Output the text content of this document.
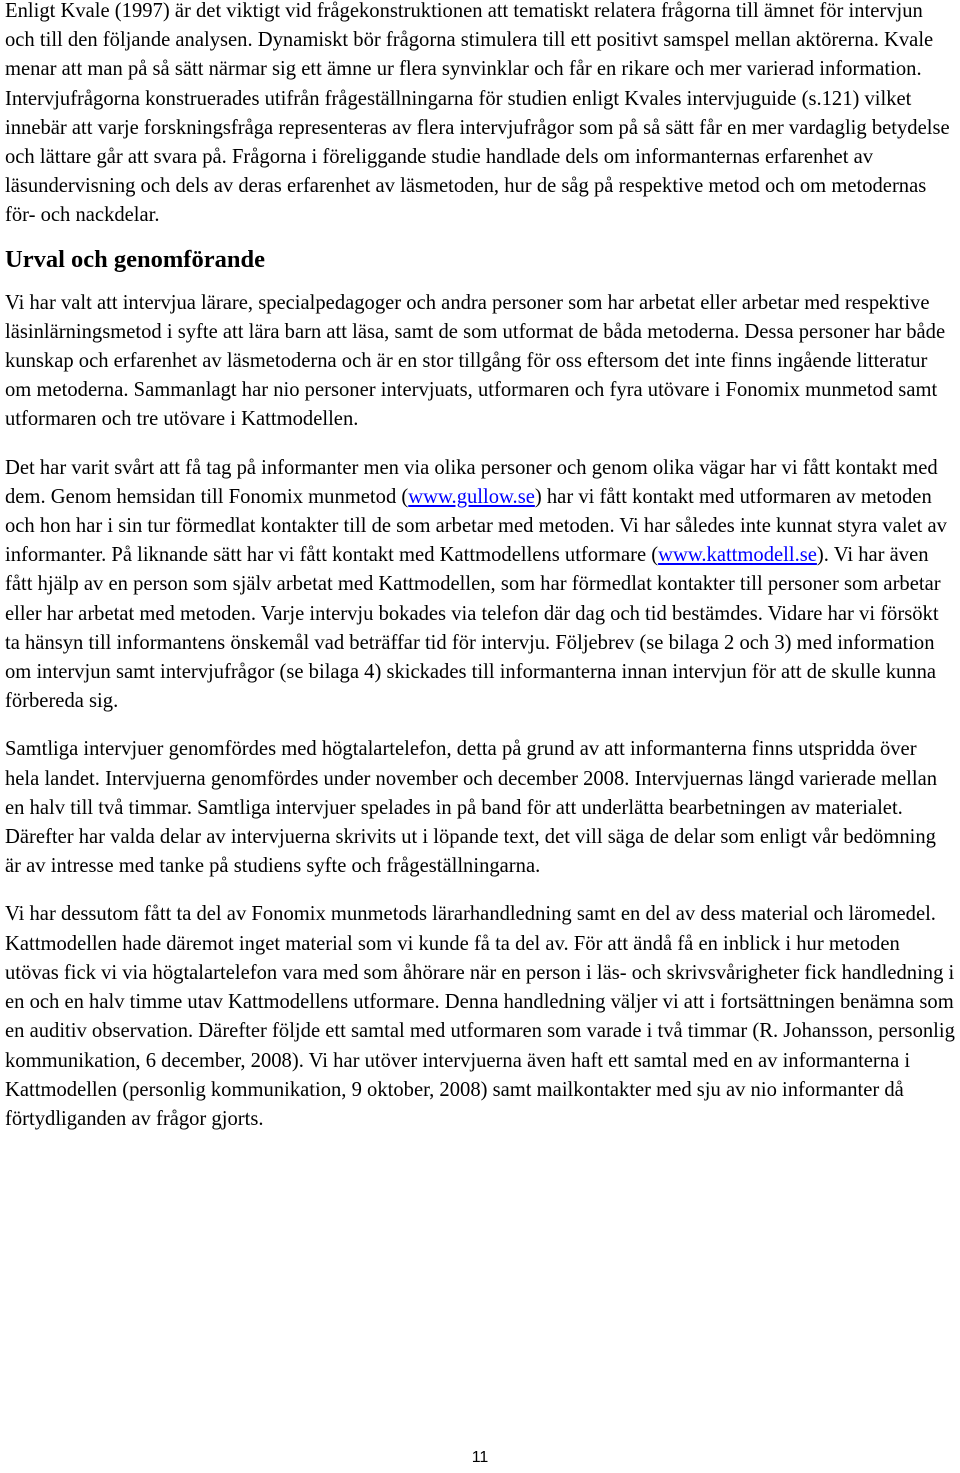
Enligt Kvale (1997) är det viktigt vid frågekonstruktionen att tematiskt relatera frågorna till ämnet för intervjun och till den följande analysen. Dynamiskt bör frågorna stimulera till ett positivt samspel mellan aktörerna. Kvale menar att man på så sätt närmar sig ett ämne ur flera synvinklar och får en rikare och mer varierad information. Intervjufrågorna konstruerades utifrån frågeställningarna för studien enligt Kvales intervjuguide (s.121) vilket innebär att varje forskningsfråga representeras av flera intervjufrågor som på så sätt får en mer vardaglig betydelse och lättare går att svara på. Frågorna i föreliggande studie handlade dels om informanternas erfarenhet av läsundervisning och dels av deras erfarenhet av läsmetoden, hur de såg på respektive metod och om metodernas för- och nackdelar.

Urval och genomförande

Vi har valt att intervjua lärare, specialpedagoger och andra personer som har arbetat eller arbetar med respektive läsinlärningsmetod i syfte att lära barn att läsa, samt de som utformat de båda metoderna. Dessa personer har både kunskap och erfarenhet av läsmetoderna och är en stor tillgång för oss eftersom det inte finns ingående litteratur om metoderna. Sammanlagt har nio personer intervjuats, utformaren och fyra utövare i Fonomix munmetod samt utformaren och tre utövare i Kattmodellen.

Det har varit svårt att få tag på informanter men via olika personer och genom olika vägar har vi fått kontakt med dem. Genom hemsidan till Fonomix munmetod (www.gullow.se) har vi fått kontakt med utformaren av metoden och hon har i sin tur förmedlat kontakter till de som arbetar med metoden. Vi har således inte kunnat styra valet av informanter. På liknande sätt har vi fått kontakt med Kattmodellens utformare (www.kattmodell.se). Vi har även fått hjälp av en person som själv arbetat med Kattmodellen, som har förmedlat kontakter till personer som arbetar eller har arbetat med metoden. Varje intervju bokades via telefon där dag och tid bestämdes. Vidare har vi försökt ta hänsyn till informantens önskemål vad beträffar tid för intervju. Följebrev (se bilaga 2 och 3) med information om intervjun samt intervjufrågor (se bilaga 4) skickades till informanterna innan intervjun för att de skulle kunna förbereda sig.

Samtliga intervjuer genomfördes med högtalartelefon, detta på grund av att informanterna finns utspridda över hela landet. Intervjuerna genomfördes under november och december 2008. Intervjuernas längd varierade mellan en halv till två timmar. Samtliga intervjuer spelades in på band för att underlätta bearbetningen av materialet. Därefter har valda delar av intervjuerna skrivits ut i löpande text, det vill säga de delar som enligt vår bedömning är av intresse med tanke på studiens syfte och frågeställningarna.

Vi har dessutom fått ta del av Fonomix munmetods lärarhandledning samt en del av dess material och läromedel. Kattmodellen hade däremot inget material som vi kunde få ta del av. För att ändå få en inblick i hur metoden utövas fick vi via högtalartelefon vara med som åhörare när en person i läs- och skrivsvårigheter fick handledning i en och en halv timme utav Kattmodellens utformare. Denna handledning väljer vi att i fortsättningen benämna som en auditiv observation. Därefter följde ett samtal med utformaren som varade i två timmar (R. Johansson, personlig kommunikation, 6 december, 2008). Vi har utöver intervjuerna även haft ett samtal med en av informanterna i Kattmodellen (personlig kommunikation, 9 oktober, 2008) samt mailkontakter med sju av nio informanter då förtydliganden av frågor gjorts.

11
